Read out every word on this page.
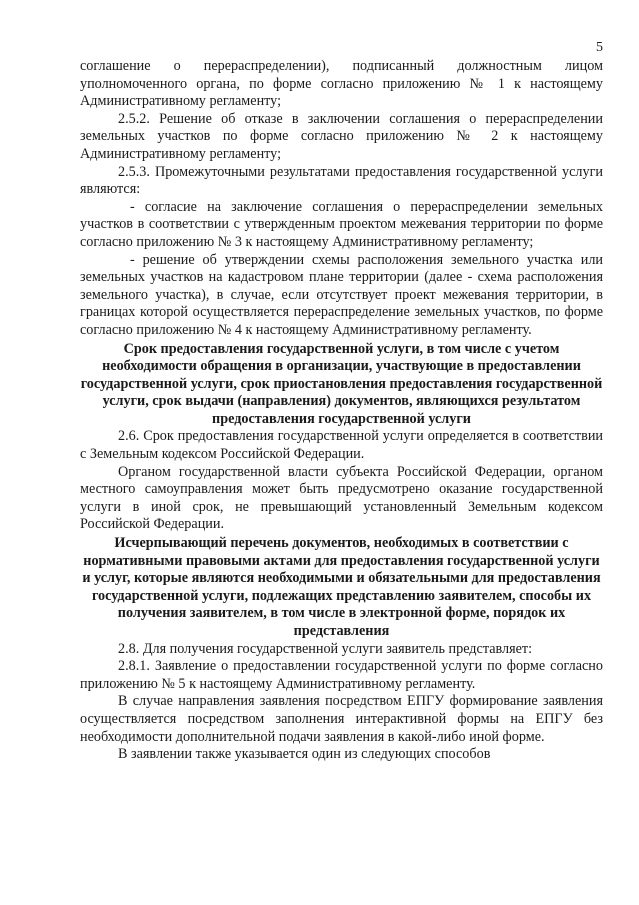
5

соглашение о перераспределении), подписанный должностным лицом уполномоченного органа, по форме согласно приложению № 1 к настоящему Административному регламенту;

2.5.2. Решение об отказе в заключении соглашения о перераспределении земельных участков по форме согласно приложению № 2 к настоящему Административному регламенту;

2.5.3. Промежуточными результатами предоставления государственной услуги являются:

- согласие на заключение соглашения о перераспределении земельных участков в соответствии с утвержденным проектом межевания территории по форме согласно приложению № 3 к настоящему Административному регламенту;

- решение об утверждении схемы расположения земельного участка или земельных участков на кадастровом плане территории (далее - схема расположения земельного участка), в случае, если отсутствует проект межевания территории, в границах которой осуществляется перераспределение земельных участков, по форме согласно приложению № 4 к настоящему Административному регламенту.

Срок предоставления государственной услуги, в том числе с учетом необходимости обращения в организации, участвующие в предоставлении государственной услуги, срок приостановления предоставления государственной услуги, срок выдачи (направления) документов, являющихся результатом предоставления государственной услуги

2.6. Срок предоставления государственной услуги определяется в соответствии с Земельным кодексом Российской Федерации.

Органом государственной власти субъекта Российской Федерации, органом местного самоуправления может быть предусмотрено оказание государственной услуги в иной срок, не превышающий установленный Земельным кодексом Российской Федерации.

Исчерпывающий перечень документов, необходимых в соответствии с нормативными правовыми актами для предоставления государственной услуги и услуг, которые являются необходимыми и обязательными для предоставления государственной услуги, подлежащих представлению заявителем, способы их получения заявителем, в том числе в электронной форме, порядок их представления

2.8. Для получения государственной услуги заявитель представляет:

2.8.1. Заявление о предоставлении государственной услуги по форме согласно приложению № 5 к настоящему Административному регламенту.

В случае направления заявления посредством ЕПГУ формирование заявления осуществляется посредством заполнения интерактивной формы на ЕПГУ без необходимости дополнительной подачи заявления в какой-либо иной форме.

В заявлении также указывается один из следующих способов
